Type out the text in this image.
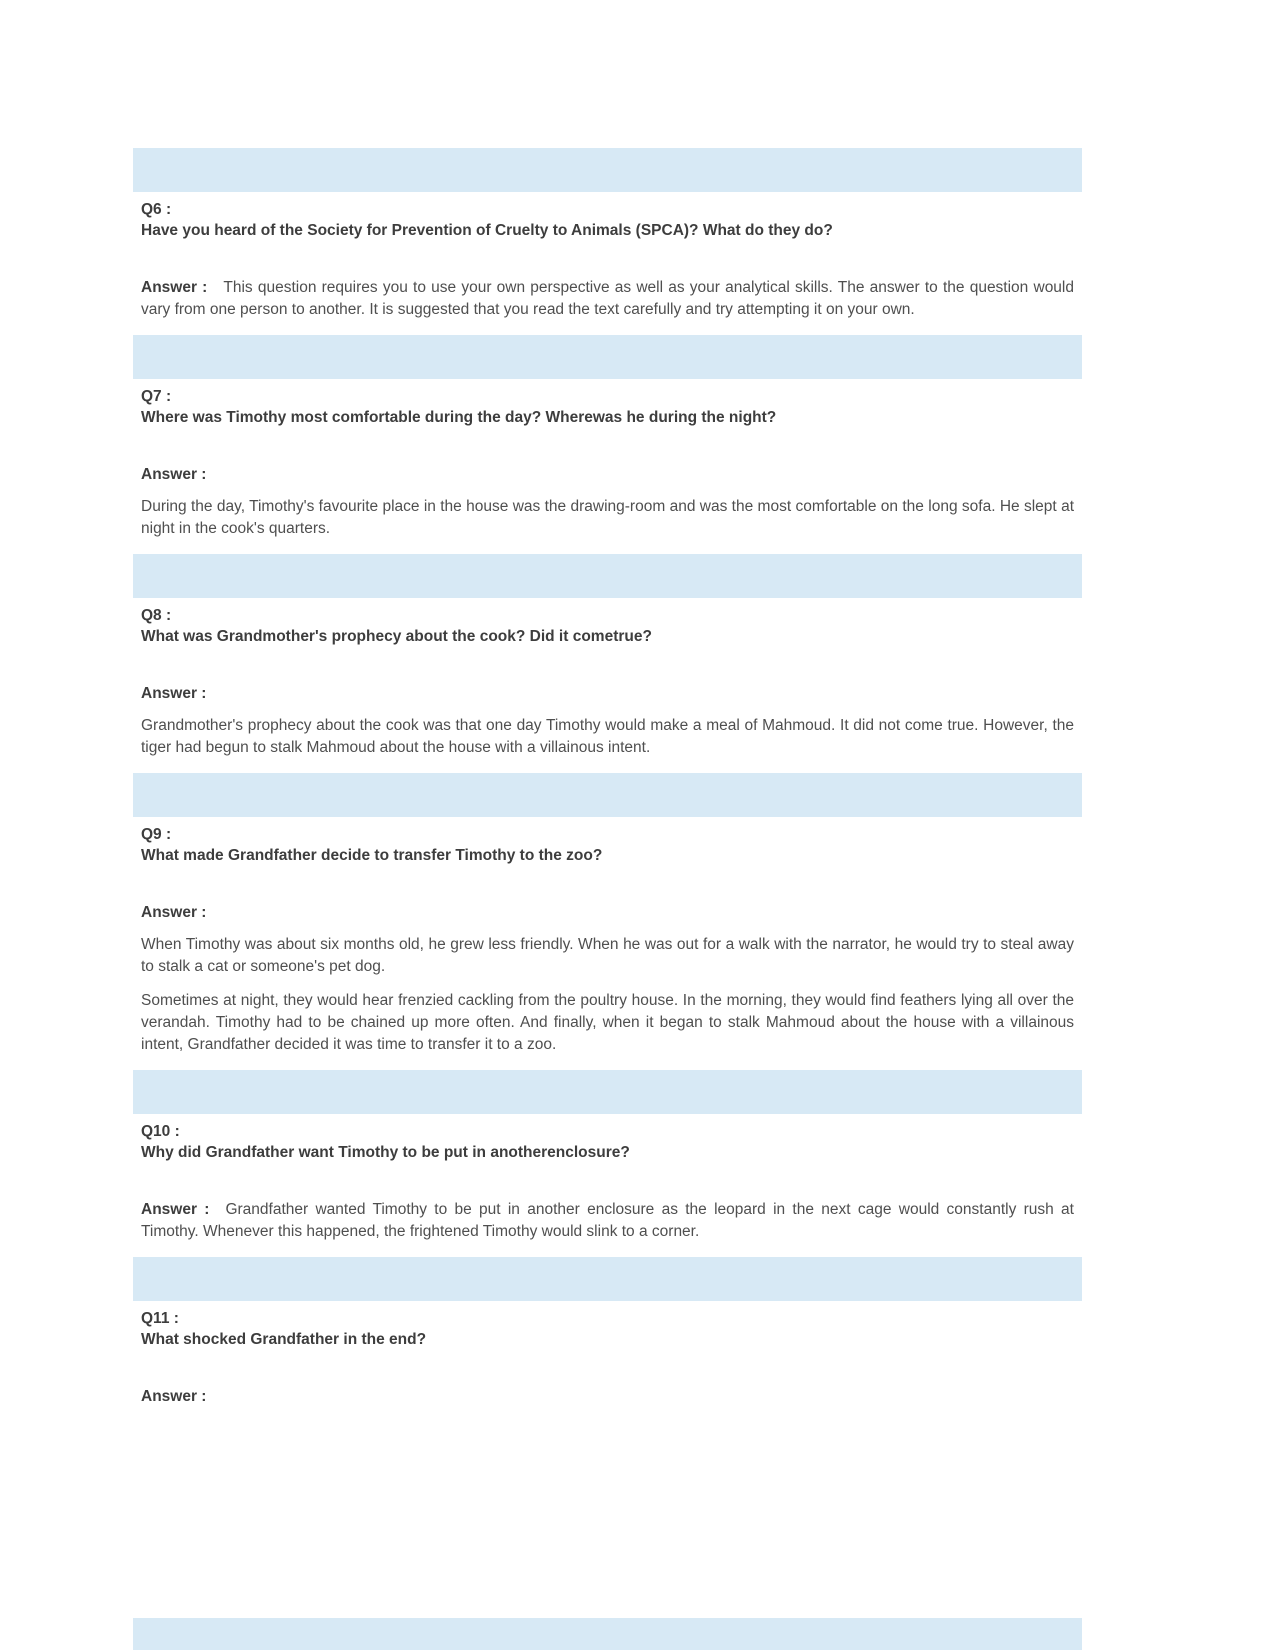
Q6 :
Have you heard of the Society for Prevention of Cruelty to Animals (SPCA)? What do they do?

Answer : This question requires you to use your own perspective as well as your analytical skills. The answer to the question would vary from one person to another. It is suggested that you read the text carefully and try attempting it on your own.

Q7 :
Where was Timothy most comfortable during the day? Wherewas he during the night?
Answer :

During the day, Timothy's favourite place in the house was the drawing-room and was the most comfortable on the long sofa. He slept at night in the cook's quarters.

Q8 :
What was Grandmother's prophecy about the cook? Did it cometrue?
Answer :

Grandmother's prophecy about the cook was that one day Timothy would make a meal of Mahmoud. It did not come true. However, the tiger had begun to stalk Mahmoud about the house with a villainous intent.

Q9 :
What made Grandfather decide to transfer Timothy to the zoo?
Answer :

When Timothy was about six months old, he grew less friendly. When he was out for a walk with the narrator, he would try to steal away to stalk a cat or someone's pet dog.

Sometimes at night, they would hear frenzied cackling from the poultry house. In the morning, they would find feathers lying all over the verandah. Timothy had to be chained up more often. And finally, when it began to stalk Mahmoud about the house with a villainous intent, Grandfather decided it was time to transfer it to a zoo.

Q10 :
Why did Grandfather want Timothy to be put in anotherenclosure?

Answer : Grandfather wanted Timothy to be put in another enclosure as the leopard in the next cage would constantly rush at Timothy. Whenever this happened, the frightened Timothy would slink to a corner.

Q11 :
What shocked Grandfather in the end?
Answer :
